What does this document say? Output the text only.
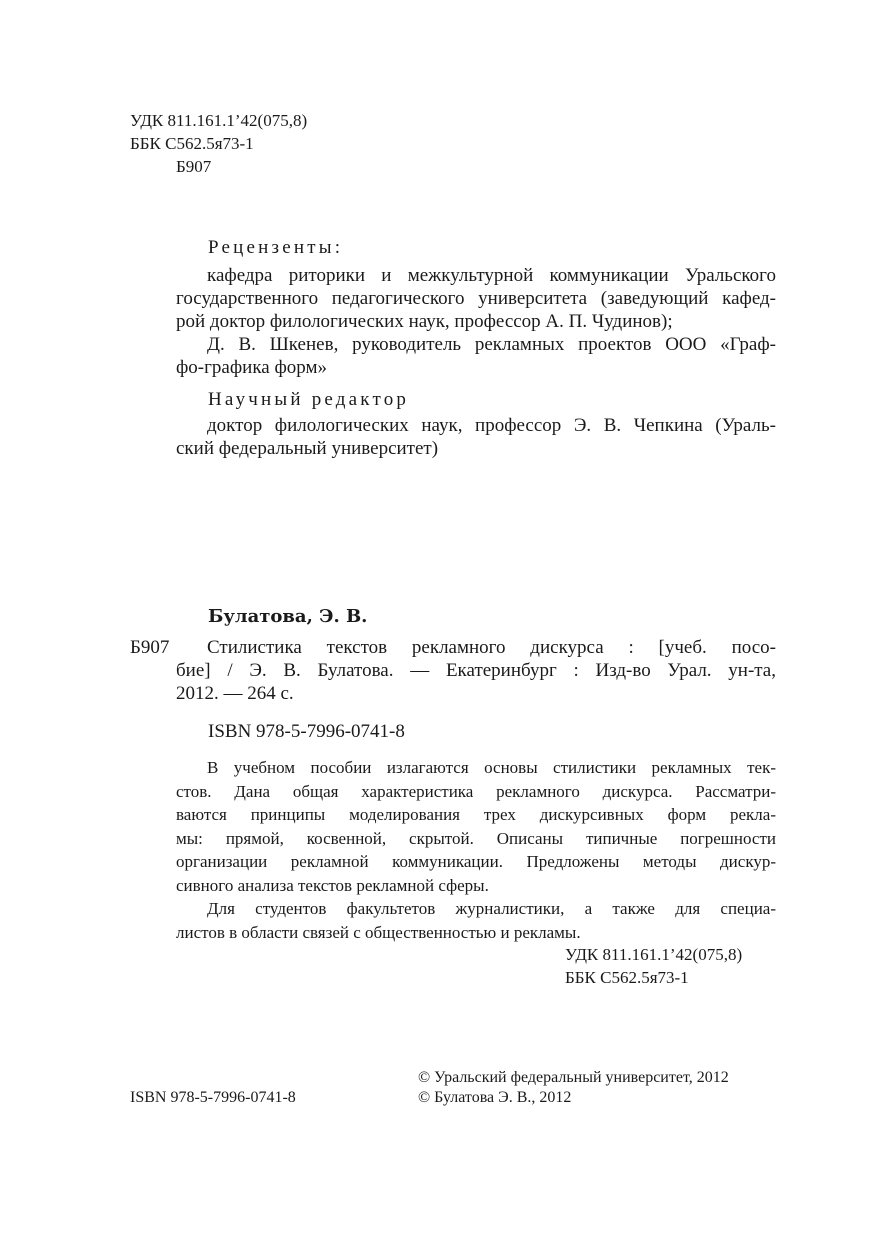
УДК 811.161.1’42(075,8)
ББК С562.5я73-1
Б907
Рецензенты:
кафедра риторики и межкультурной коммуникации Уральского
государственного педагогического университета (заведующий кафед-
рой доктор филологических наук, профессор А. П. Чудинов);
Д. В. Шкенев, руководитель рекламных проектов ООО «Граф-
фо-графика форм»
Научный редактор
доктор филологических наук, профессор Э. В. Чепкина (Ураль-
ский федеральный университет)
Булатова, Э. В.
Б907	Стилистика текстов рекламного дискурса : [учеб. посо-
бие] / Э. В. Булатова. — Екатеринбург : Изд-во Урал. ун-та,
2012. — 264 с.
ISBN 978-5-7996-0741-8
В учебном пособии излагаются основы стилистики рекламных тек-
стов. Дана общая характеристика рекламного дискурса. Рассматри-
ваются принципы моделирования трех дискурсивных форм рекла-
мы: прямой, косвенной, скрытой. Описаны типичные погрешности
организации рекламной коммуникации. Предложены методы дискур-
сивного анализа текстов рекламной сферы.
Для студентов факультетов журналистики, а также для специа-
листов в области связей с общественностью и рекламы.
УДК 811.161.1’42(075,8)
ББК С562.5я73-1
ISBN 978-5-7996-0741-8
© Уральский федеральный университет, 2012
© Булатова Э. В., 2012
